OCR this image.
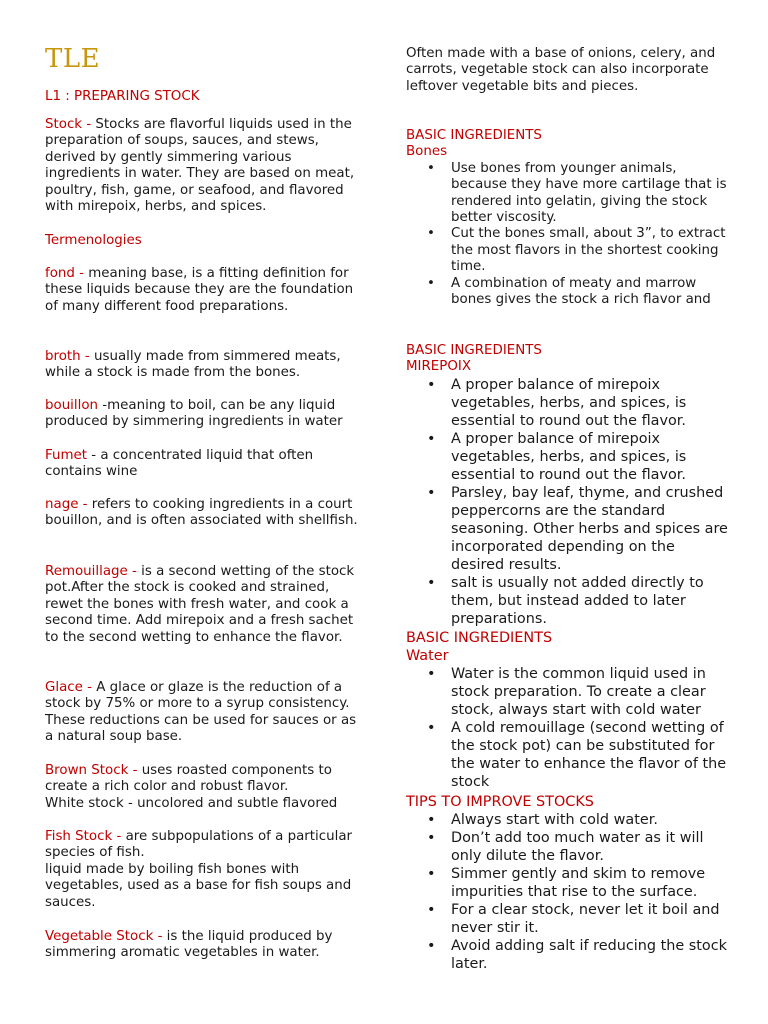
TLE

L1 : PREPARING STOCK

Stock - Stocks are flavorful liquids used in the preparation of soups, sauces, and stews, derived by gently simmering various ingredients in water. They are based on meat, poultry, fish, game, or seafood, and flavored with mirepoix, herbs, and spices.

Termenologies

fond - meaning base, is a fitting definition for these liquids because they are the foundation of many different food preparations.

broth - usually made from simmered meats, while a stock is made from the bones.

bouillon -meaning to boil, can be any liquid produced by simmering ingredients in water

Fumet - a concentrated liquid that often contains wine

nage - refers to cooking ingredients in a court bouillon, and is often associated with shellfish.

Remouillage - is a second wetting of the stock pot.After the stock is cooked and strained, rewet the bones with fresh water, and cook a second time. Add mirepoix and a fresh sachet to the second wetting to enhance the flavor.

Glace - A glace or glaze is the reduction of a stock by 75% or more to a syrup consistency. These reductions can be used for sauces or as a natural soup base.

Brown Stock - uses roasted components to create a rich color and robust flavor.
White stock - uncolored and subtle flavored

Fish Stock - are subpopulations of a particular species of fish.
liquid made by boiling fish bones with vegetables, used as a base for fish soups and sauces.

Vegetable Stock - is the liquid produced by simmering aromatic vegetables in water.

Often made with a base of onions, celery, and carrots, vegetable stock can also incorporate leftover vegetable bits and pieces.

BASIC INGREDIENTS
Bones
• Use bones from younger animals, because they have more cartilage that is rendered into gelatin, giving the stock better viscosity.
• Cut the bones small, about 3”, to extract the most flavors in the shortest cooking time.
• A combination of meaty and marrow bones gives the stock a rich flavor and
BASIC INGREDIENTS
MIREPOIX
• A proper balance of mirepoix vegetables, herbs, and spices, is essential to round out the flavor.
• A proper balance of mirepoix vegetables, herbs, and spices, is essential to round out the flavor.
• Parsley, bay leaf, thyme, and crushed peppercorns are the standard seasoning. Other herbs and spices are incorporated depending on the desired results.
• salt is usually not added directly to them, but instead added to later preparations.
BASIC INGREDIENTS
Water
• Water is the common liquid used in stock preparation. To create a clear stock, always start with cold water
• A cold remouillage (second wetting of the stock pot) can be substituted for the water to enhance the flavor of the stock
TIPS TO IMPROVE STOCKS
• Always start with cold water.
• Don’t add too much water as it will only dilute the flavor.
• Simmer gently and skim to remove impurities that rise to the surface.
• For a clear stock, never let it boil and never stir it.
• Avoid adding salt if reducing the stock later.
